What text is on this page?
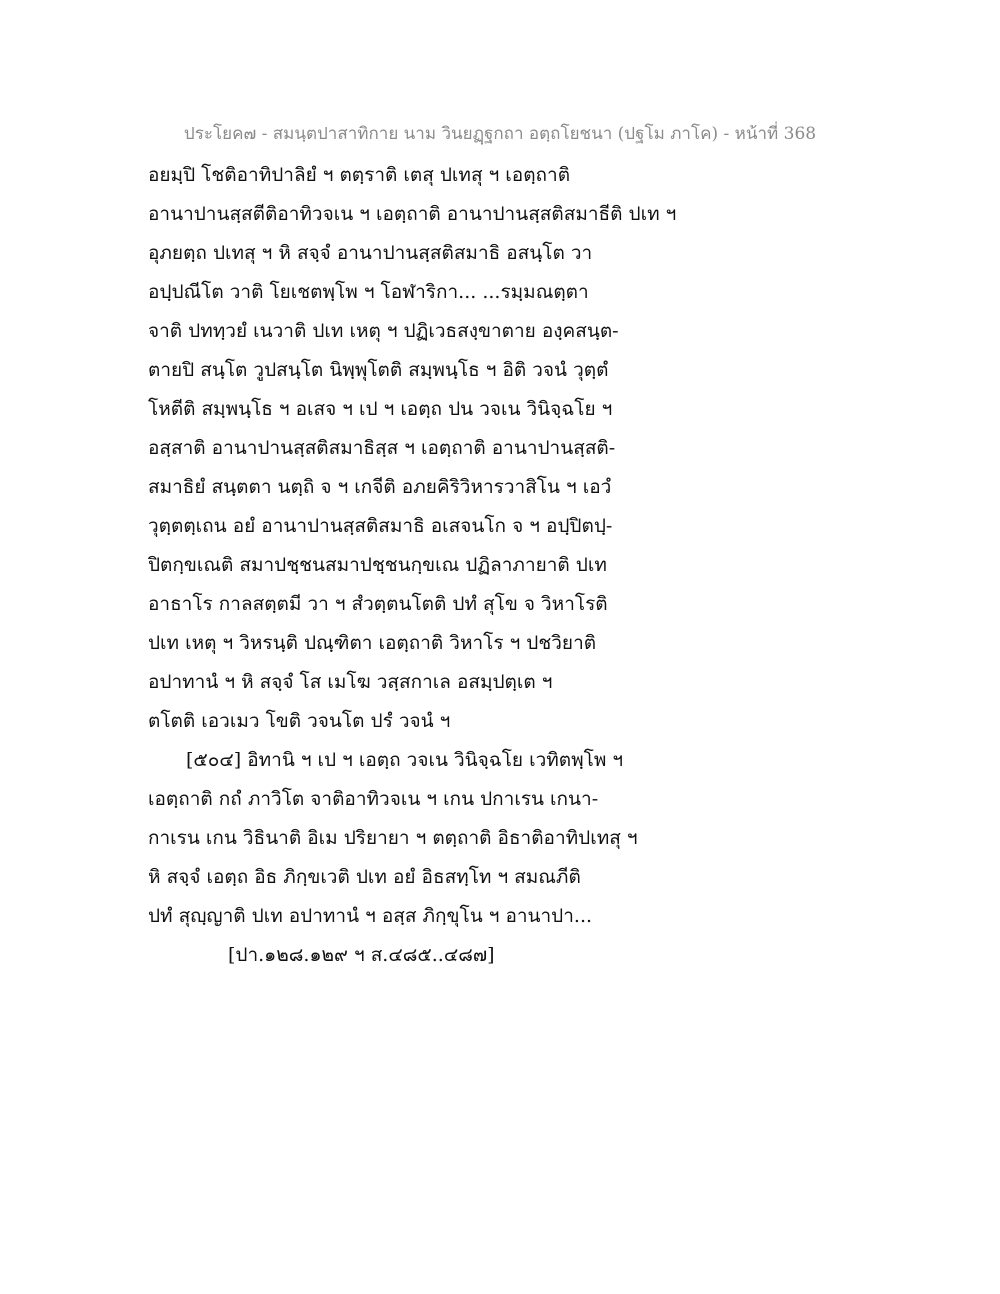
ประโยค๗ - สมนฺตปาสาทิกาย นาม วินยฏฺฐกถา อตฺถโยชนา (ปฐโม ภาโค) - หน้าที่ 368
อยมฺปิ โชติอาทิปาลิยํ ฯ ตตฺราติ เตสุ ปเทสุ ฯ เอตฺถาติ
อานาปานสฺสตีติอาทิวจเน ฯ เอตฺถาติ อานาปานสฺสติสมาธีติ ปเท ฯ
อุภยตฺถ ปเทสุ ฯ หิ สจฺจํ อานาปานสฺสติสมาธิ อสนฺโต วา
อปฺปณีโต วาติ โยเชตพฺโพ ฯ โอฬาริกา... ...รมฺมณตฺตา
จาติ ปททฺวยํ เนวาติ ปเท เหตุ ฯ ปฏิเวธสงฺขาตาย องฺคสนฺต-
ตายปิ สนฺโต วูปสนฺโต นิพฺพุโตติ สมฺพนฺโธ ฯ อิติ วจนํ วุตฺตํ
โหตีติ สมฺพนฺโธ ฯ อเสจ ฯ เป ฯ เอตฺถ ปน วจเน วินิจฺฉโย ฯ
อสฺสาติ อานาปานสฺสติสมาธิสฺส ฯ เอตฺถาติ อานาปานสฺสติ-
สมาธิยํ สนฺตตา นตฺถิ จ ฯ เกจีติ อภยคิริวิหารวาสิโน ฯ เอวํ
วุตฺตตฺเถน อยํ อานาปานสฺสติสมาธิ อเสจนโก จ ฯ อปฺปิตปฺ-
ปิตกฺขเณติ สมาปชฺชนสมาปชฺชนกฺขเณ ปฏิลาภายาติ ปเท
อาธาโร กาลสตฺตมี วา ฯ สํวตฺตนโตติ ปทํ สุโข จ วิหาโรติ
ปเท เหตุ ฯ วิหรนฺติ ปณฺฑิตา เอตฺถาติ วิหาโร ฯ ปชวิยาติ
อปาทานํ ฯ หิ สจฺจํ โส เมโฆ วสฺสกาเล อสมฺปตฺเต ฯ
ตโตติ เอวเมว โขติ วจนโต ปรํ วจนํ ฯ
[๕๐๔] อิทานิ ฯ เป ฯ เอตฺถ วจเน วินิจฺฉโย เวทิตพฺโพ ฯ
เอตฺถาติ กถํ ภาวิโต จาติอาทิวจเน ฯ เกน ปกาเรน เกนา-
กาเรน เกน วิธินาติ อิเม ปริยายา ฯ ตตฺถาติ อิธาติอาทิปเทสุ ฯ
หิ สจฺจํ เอตฺถ อิธ ภิกฺขเวติ ปเท อยํ อิธสทฺโท ฯ สมณภีติ
ปทํ สุญฺญาติ ปเท อปาทานํ ฯ อสฺส ภิกฺขุโน ฯ อานาปา...
[ปา.๑๒๘.๑๒๙ ฯ ส.๔๘๕..๔๘๗]
